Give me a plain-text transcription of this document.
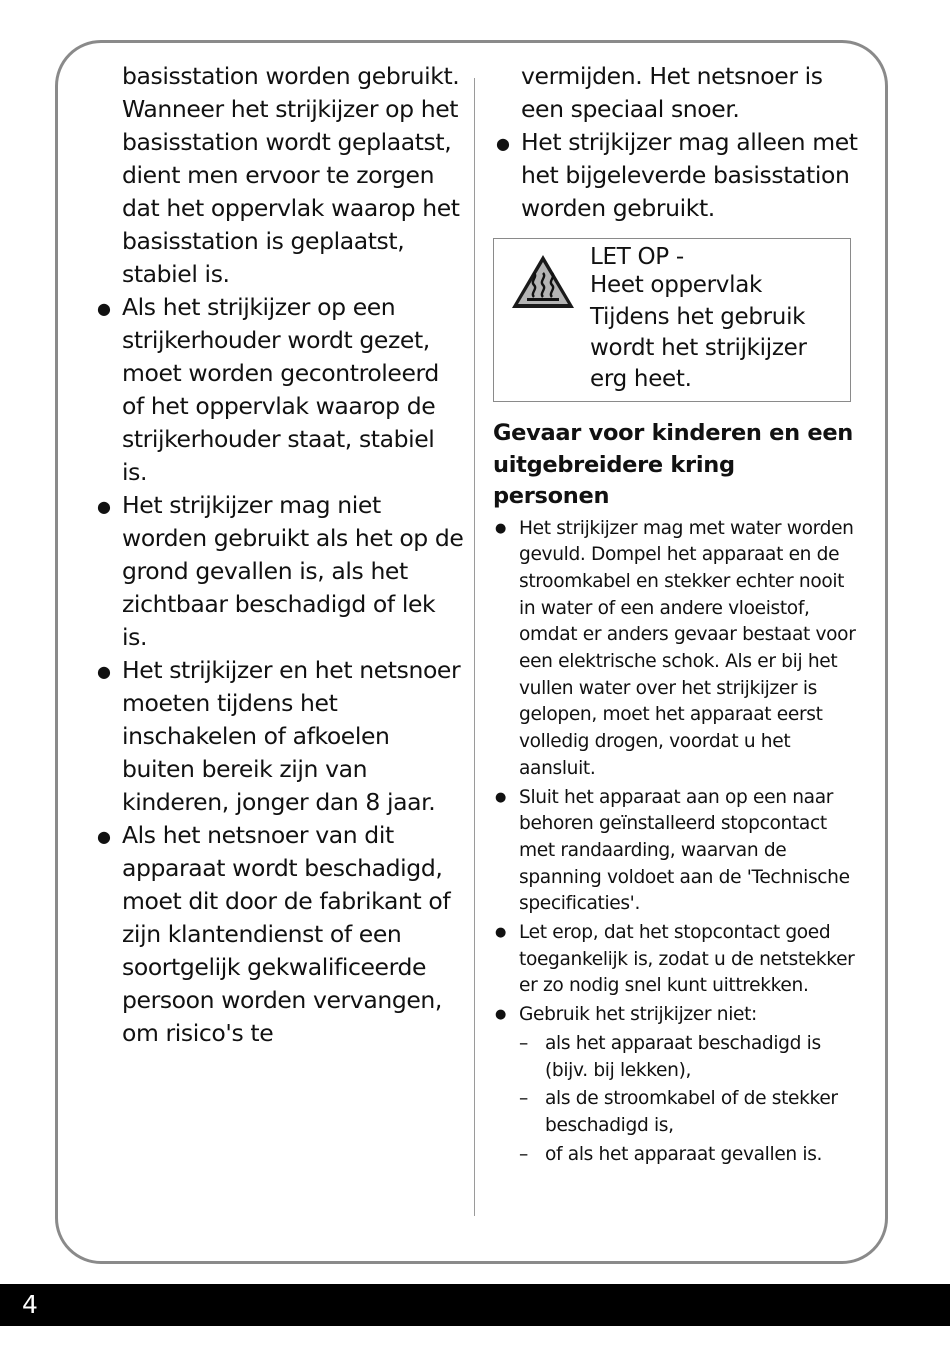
basisstation worden gebruikt. Wanneer het strijkijzer op het basisstation wordt geplaatst, dient men ervoor te zorgen dat het oppervlak waarop het basisstation is geplaatst, stabiel is.

● Als het strijkijzer op een strijkerhouder wordt gezet, moet worden gecontroleerd of het oppervlak waarop de strijkerhouder staat, stabiel is.

● Het strijkijzer mag niet worden gebruikt als het op de grond gevallen is, als het zichtbaar beschadigd of lek is.

● Het strijkijzer en het netsnoer moeten tijdens het inschakelen of afkoelen buiten bereik zijn van kinderen, jonger dan 8 jaar.

● Als het netsnoer van dit apparaat wordt beschadigd, moet dit door de fabrikant of zijn klantendienst of een soortgelijk gekwalificeerde persoon worden vervangen, om risico's te

vermijden. Het netsnoer is een speciaal snoer.

● Het strijkijzer mag alleen met het bijgeleverde basisstation worden gebruikt.

LET OP -
Heet oppervlak
Tijdens het gebruik wordt het strijkijzer erg heet.
Gevaar voor kinderen en een uitgebreidere kring personen

● Het strijkijzer mag met water worden gevuld. Dompel het apparaat en de stroomkabel en stekker echter nooit in water of een andere vloeistof, omdat er anders gevaar bestaat voor een elektrische schok. Als er bij het vullen water over het strijkijzer is gelopen, moet het apparaat eerst volledig drogen, voordat u het aansluit.

● Sluit het apparaat aan op een naar behoren geïnstalleerd stopcontact met randaarding, waarvan de spanning voldoet aan de 'Technische specificaties'.

● Let erop, dat het stopcontact goed toegankelijk is, zodat u de netstekker er zo nodig snel kunt uittrekken.

● Gebruik het strijkijzer niet:

– als het apparaat beschadigd is (bijv. bij lekken),

– als de stroomkabel of de stekker beschadigd is,

– of als het apparaat gevallen is.

4
